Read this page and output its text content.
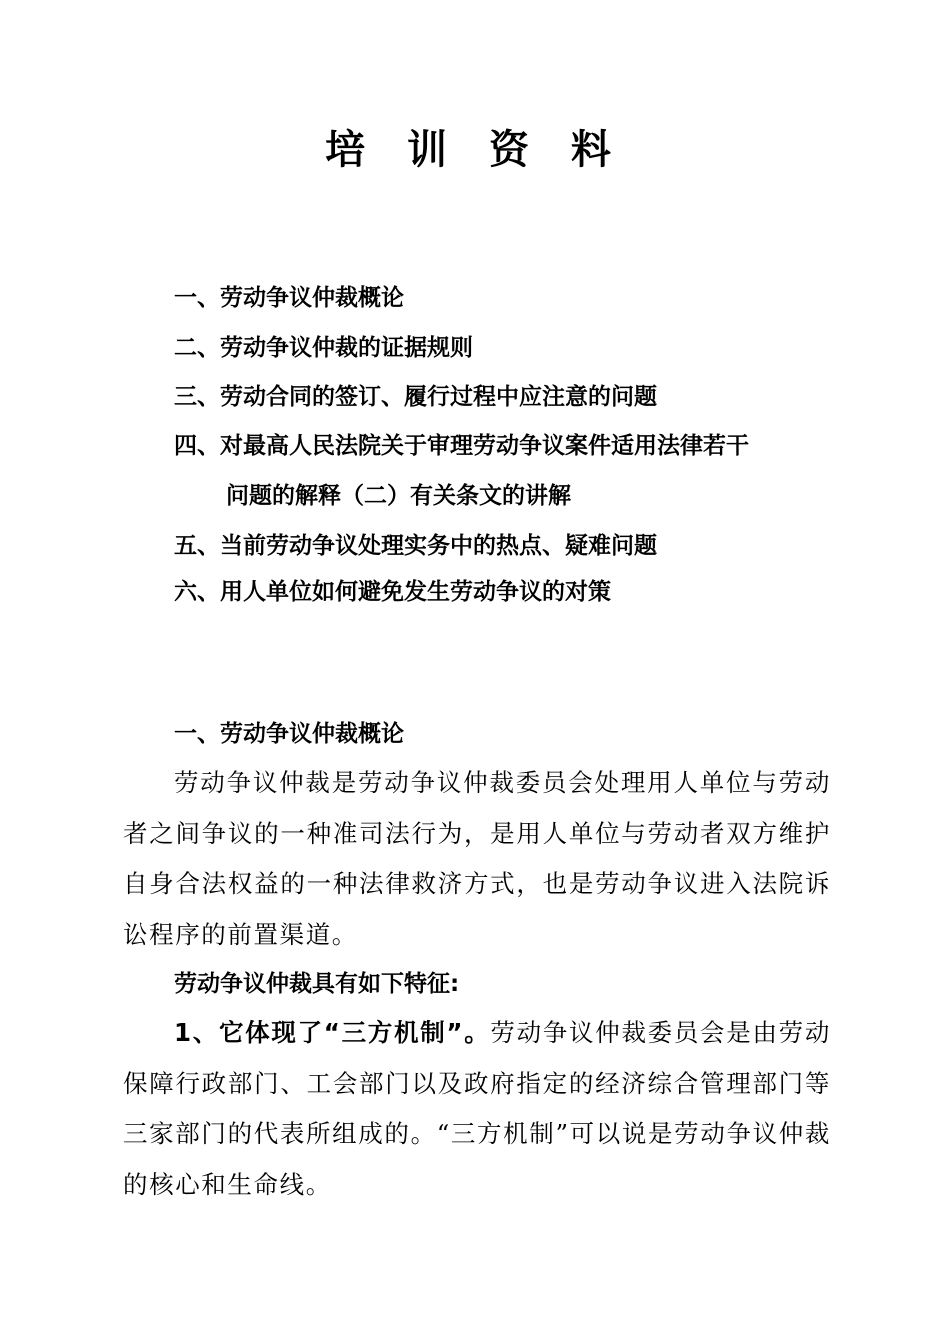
培 训 资 料
一、劳动争议仲裁概论
二、劳动争议仲裁的证据规则
三、劳动合同的签订、履行过程中应注意的问题
四、对最高人民法院关于审理劳动争议案件适用法律若干
问题的解释（二）有关条文的讲解
五、当前劳动争议处理实务中的热点、疑难问题
六、用人单位如何避免发生劳动争议的对策
一、劳动争议仲裁概论

劳动争议仲裁是劳动争议仲裁委员会处理用人单位与劳动者之间争议的一种准司法行为，是用人单位与劳动者双方维护自身合法权益的一种法律救济方式，也是劳动争议进入法院诉讼程序的前置渠道。

劳动争议仲裁具有如下特征:

1、它体现了“三方机制”。劳动争议仲裁委员会是由劳动保障行政部门、工会部门以及政府指定的经济综合管理部门等三家部门的代表所组成的。“三方机制”可以说是劳动争议仲裁的核心和生命线。
